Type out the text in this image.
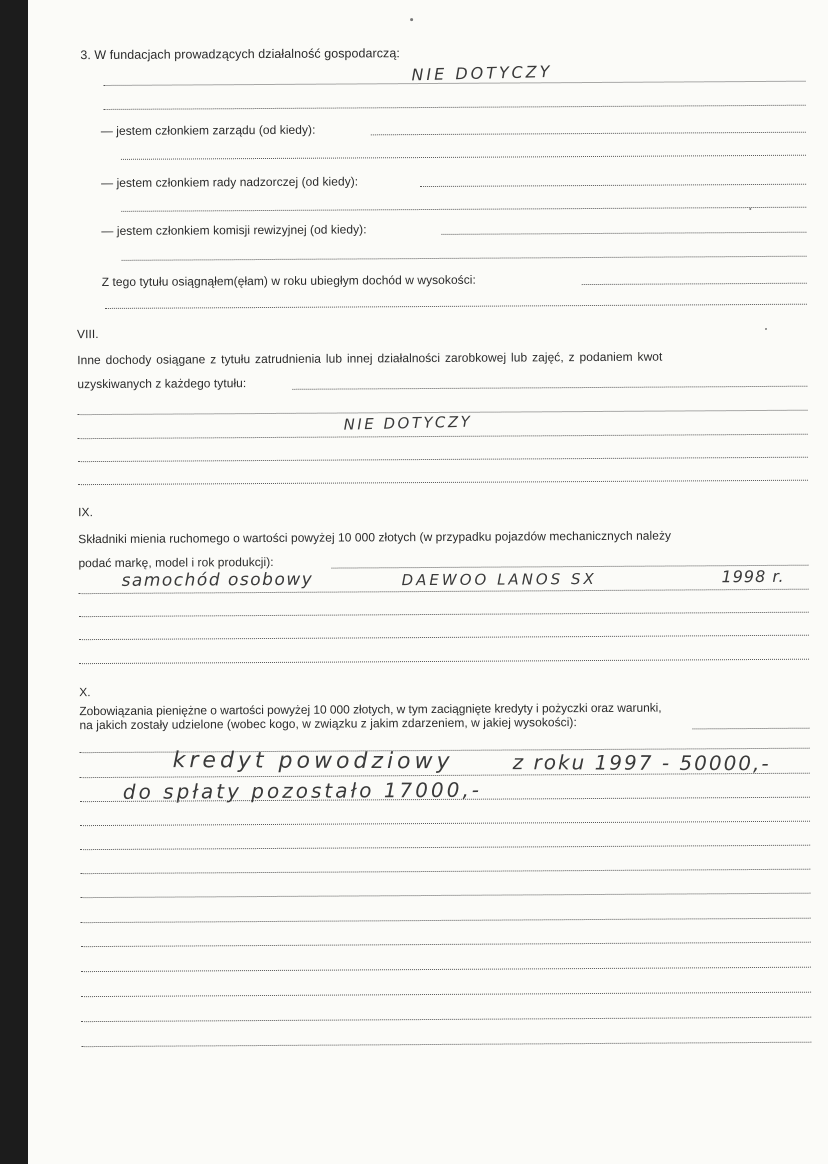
3. W fundacjach prowadzących działalność gospodarczą:
NIE DOTYCZY
— jestem członkiem zarządu (od kiedy):
— jestem członkiem rady nadzorczej (od kiedy):
— jestem członkiem komisji rewizyjnej (od kiedy):
Z tego tytułu osiągnąłem(ęłam) w roku ubiegłym dochód w wysokości:
VIII.
Inne dochody osiągane z tytułu zatrudnienia lub innej działalności zarobkowej lub zajęć, z podaniem kwot
uzyskiwanych z każdego tytułu:
NIE DOTYCZY
IX.
Składniki mienia ruchomego o wartości powyżej 10 000 złotych (w przypadku pojazdów mechanicznych należy
podać markę, model i rok produkcji):
samochód osobowy	DAEWOO LANOS SX	1998 r.
X.
Zobowiązania pieniężne o wartości powyżej 10 000 złotych, w tym zaciągnięte kredyty i pożyczki oraz warunki,
na jakich zostały udzielone (wobec kogo, w związku z jakim zdarzeniem, w jakiej wysokości):
kredyt powodziowy	z roku 1997 - 50000,-
do spłaty pozostało 17000,-
